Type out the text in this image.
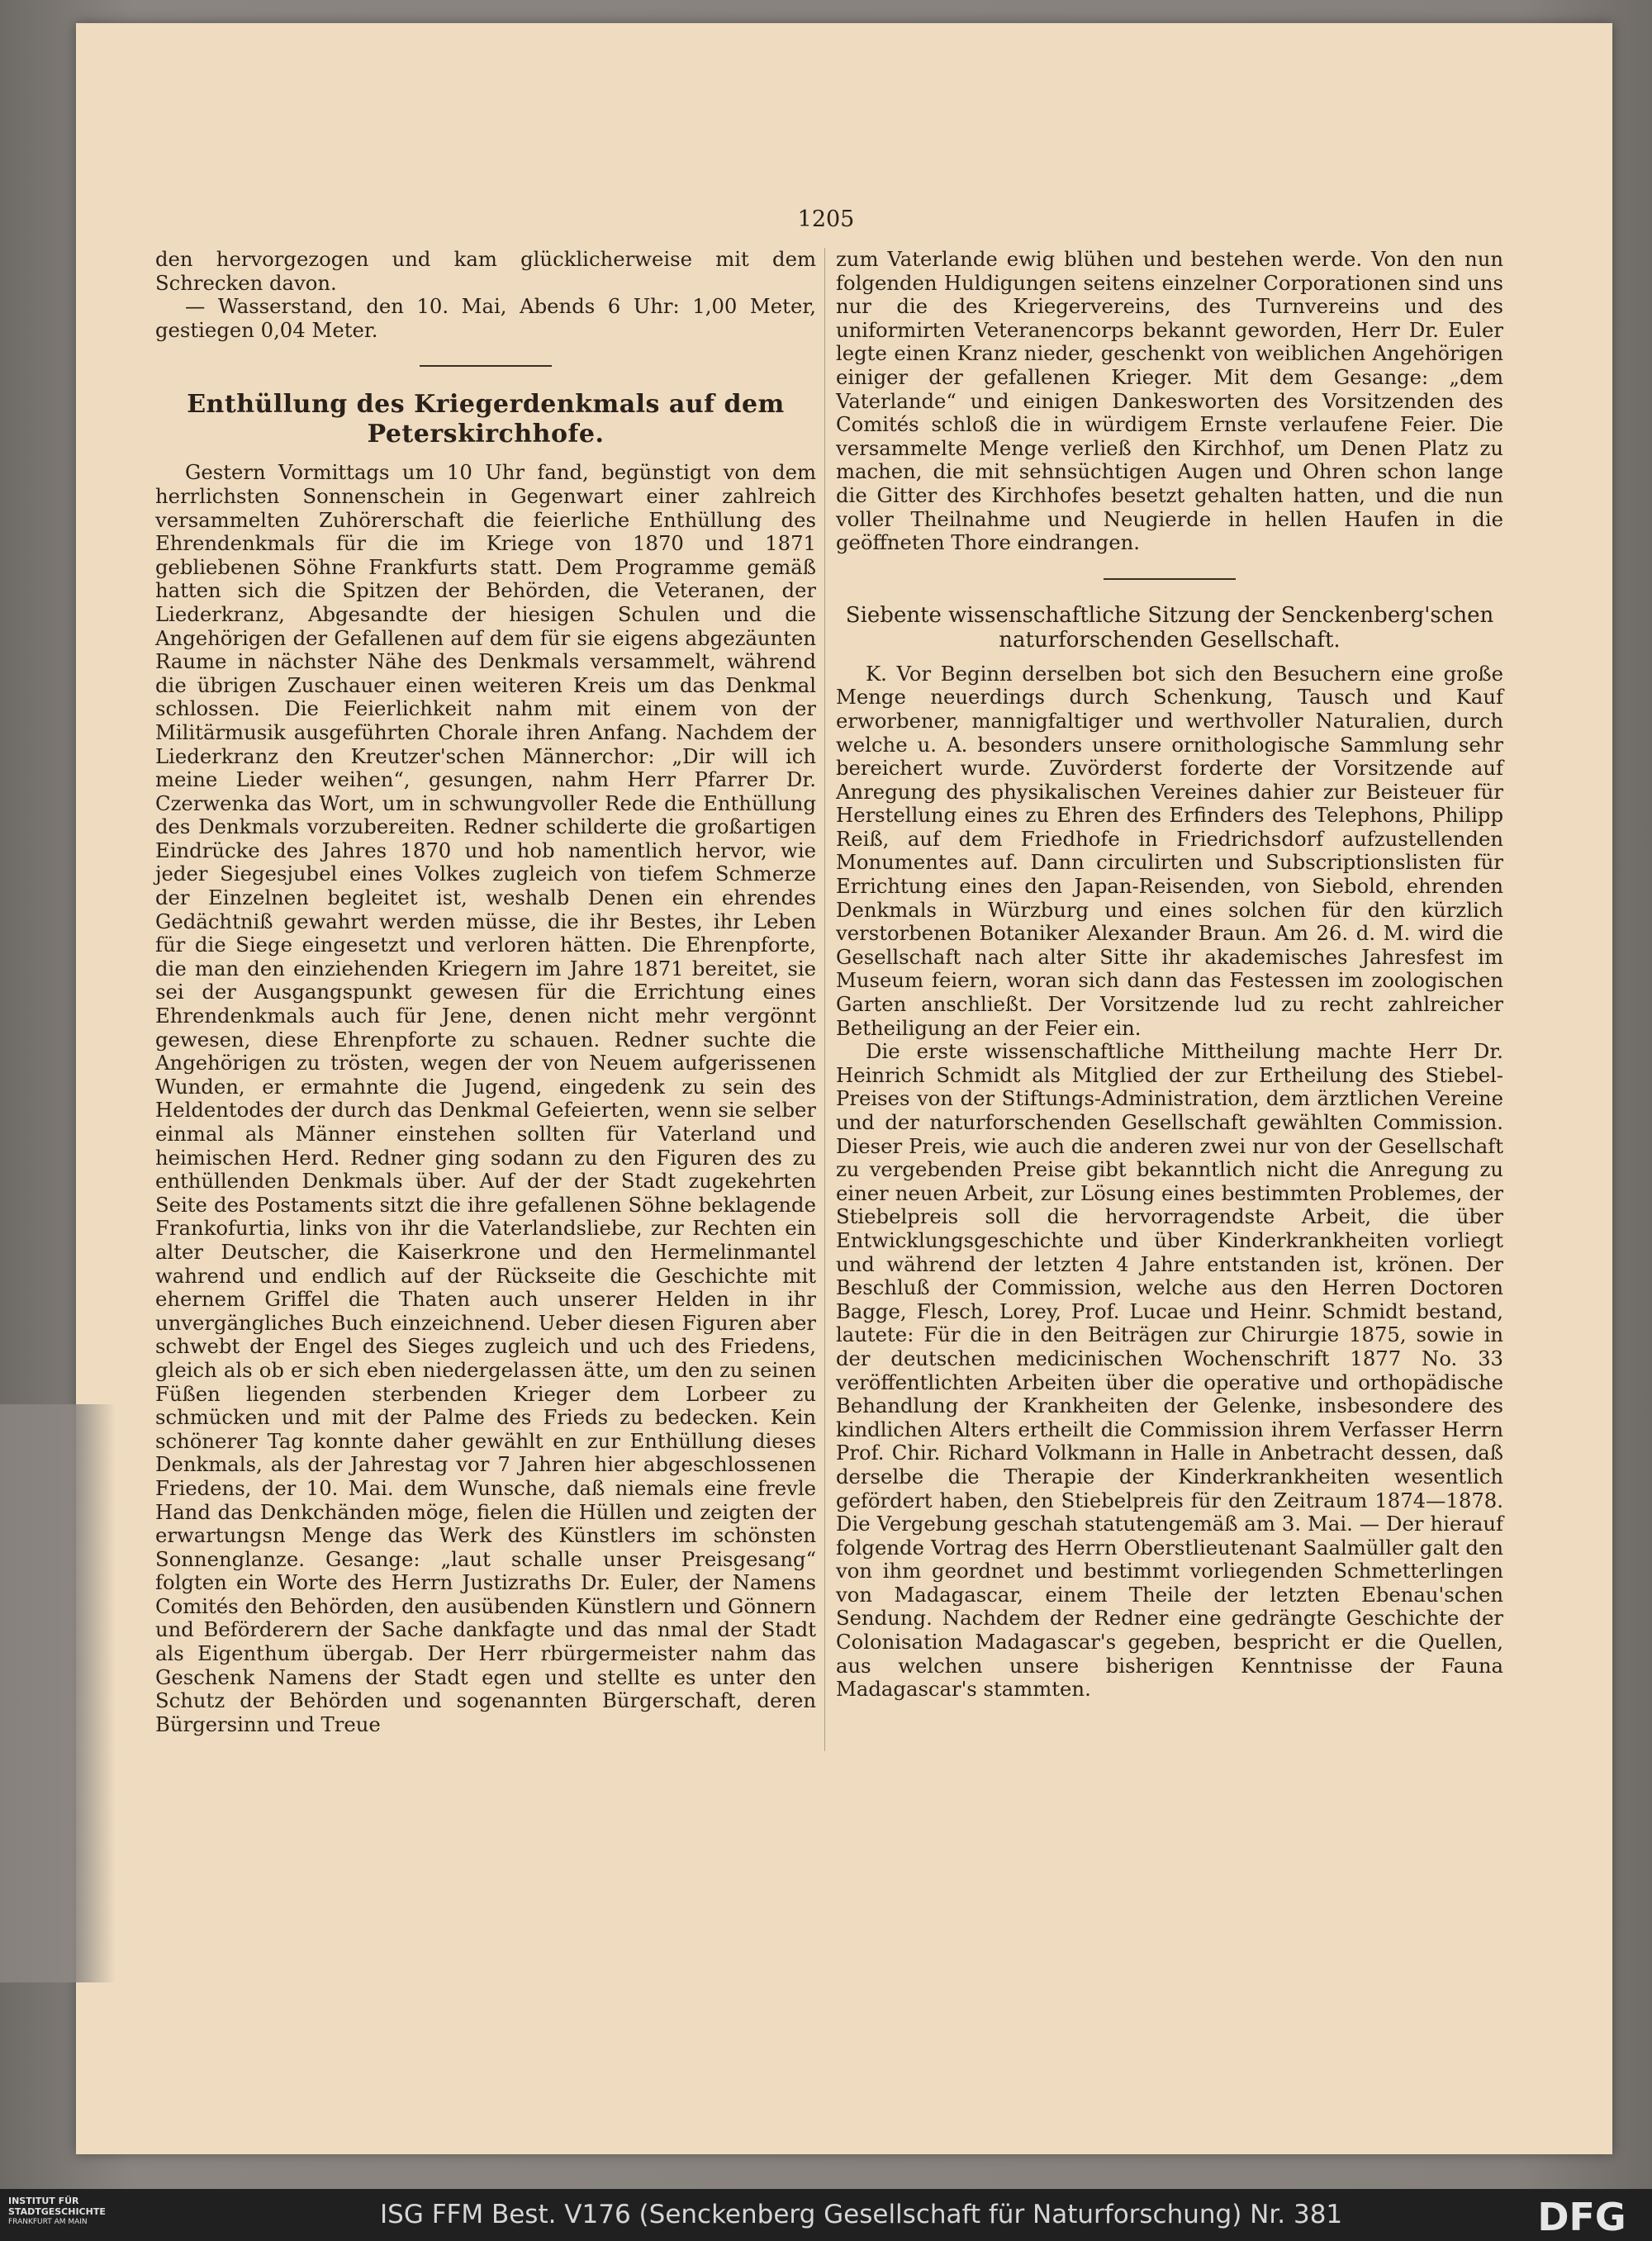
1205

den hervorgezogen und kam glücklicherweise mit dem Schrecken davon.

— Wasserstand, den 10. Mai, Abends 6 Uhr: 1,00 Meter, gestiegen 0,04 Meter.

Enthüllung des Kriegerdenkmals auf dem Peterskirchhofe.

Gestern Vormittags um 10 Uhr fand, begünstigt von dem herrlichsten Sonnenschein in Gegenwart einer zahlreich versammelten Zuhörerschaft die feierliche Enthüllung des Ehrendenkmals für die im Kriege von 1870 und 1871 gebliebenen Söhne Frankfurts statt. Dem Programme gemäß hatten sich die Spitzen der Behörden, die Veteranen, der Liederkranz, Abgesandte der hiesigen Schulen und die Angehörigen der Gefallenen auf dem für sie eigens abgezäunten Raume in nächster Nähe des Denkmals versammelt, während die übrigen Zuschauer einen weiteren Kreis um das Denkmal schlossen. Die Feierlichkeit nahm mit einem von der Militärmusik ausgeführten Chorale ihren Anfang. Nachdem der Liederkranz den Kreutzer'schen Männerchor: „Dir will ich meine Lieder weihen“, gesungen, nahm Herr Pfarrer Dr. Czerwenka das Wort, um in schwungvoller Rede die Enthüllung des Denkmals vorzubereiten. Redner schilderte die großartigen Eindrücke des Jahres 1870 und hob namentlich hervor, wie jeder Siegesjubel eines Volkes zugleich von tiefem Schmerze der Einzelnen begleitet ist, weshalb Denen ein ehrendes Gedächtniß gewahrt werden müsse, die ihr Bestes, ihr Leben für die Siege eingesetzt und verloren hätten. Die Ehrenpforte, die man den einziehenden Kriegern im Jahre 1871 bereitet, sie sei der Ausgangspunkt gewesen für die Errichtung eines Ehrendenkmals auch für Jene, denen nicht mehr vergönnt gewesen, diese Ehrenpforte zu schauen. Redner suchte die Angehörigen zu trösten, wegen der von Neuem aufgerissenen Wunden, er ermahnte die Jugend, eingedenk zu sein des Heldentodes der durch das Denkmal Gefeierten, wenn sie selber einmal als Männer einstehen sollten für Vaterland und heimischen Herd. Redner ging sodann zu den Figuren des zu enthüllenden Denkmals über. Auf der der Stadt zugekehrten Seite des Postaments sitzt die ihre gefallenen Söhne beklagende Frankofurtia, links von ihr die Vaterlandsliebe, zur Rechten ein alter Deutscher, die Kaiserkrone und den Hermelinmantel wahrend und endlich auf der Rückseite die Geschichte mit ehernem Griffel die Thaten auch unserer Helden in ihr unvergängliches Buch einzeichnend. Ueber diesen Figuren aber schwebt der Engel des Sieges zugleich und uch des Friedens, gleich als ob er sich eben niedergelassen ätte, um den zu seinen Füßen liegenden sterbenden Krieger dem Lorbeer zu schmücken und mit der Palme des Frieds zu bedecken. Kein schönerer Tag konnte daher gewählt en zur Enthüllung dieses Denkmals, als der Jahrestag vor 7 Jahren hier abgeschlossenen Friedens, der 10. Mai. dem Wunsche, daß niemals eine frevle Hand das Denkchänden möge, fielen die Hüllen und zeigten der erwartungsn Menge das Werk des Künstlers im schönsten Sonnenglanze. Gesange: „laut schalle unser Preisgesang“ folgten ein Worte des Herrn Justizraths Dr. Euler, der Namens Comités den Behörden, den ausübenden Künstlern und Gönnern und Beförderern der Sache dankfagte und das nmal der Stadt als Eigenthum übergab. Der Herr rbürgermeister nahm das Geschenk Namens der Stadt egen und stellte es unter den Schutz der Behörden und sogenannten Bürgerschaft, deren Bürgersinn und Treue

zum Vaterlande ewig blühen und bestehen werde. Von den nun folgenden Huldigungen seitens einzelner Corporationen sind uns nur die des Kriegervereins, des Turnvereins und des uniformirten Veteranencorps bekannt geworden, Herr Dr. Euler legte einen Kranz nieder, geschenkt von weiblichen Angehörigen einiger der gefallenen Krieger. Mit dem Gesange: „dem Vaterlande“ und einigen Dankesworten des Vorsitzenden des Comités schloß die in würdigem Ernste verlaufene Feier. Die versammelte Menge verließ den Kirchhof, um Denen Platz zu machen, die mit sehnsüchtigen Augen und Ohren schon lange die Gitter des Kirchhofes besetzt gehalten hatten, und die nun voller Theilnahme und Neugierde in hellen Haufen in die geöffneten Thore eindrangen.

Siebente wissenschaftliche Sitzung der Senckenberg'schen naturforschenden Gesellschaft.

K. Vor Beginn derselben bot sich den Besuchern eine große Menge neuerdings durch Schenkung, Tausch und Kauf erworbener, mannigfaltiger und werthvoller Naturalien, durch welche u. A. besonders unsere ornithologische Sammlung sehr bereichert wurde. Zuvörderst forderte der Vorsitzende auf Anregung des physikalischen Vereines dahier zur Beisteuer für Herstellung eines zu Ehren des Erfinders des Telephons, Philipp Reiß, auf dem Friedhofe in Friedrichsdorf aufzustellenden Monumentes auf. Dann circulirten und Subscriptionslisten für Errichtung eines den Japan-Reisenden, von Siebold, ehrenden Denkmals in Würzburg und eines solchen für den kürzlich verstorbenen Botaniker Alexander Braun. Am 26. d. M. wird die Gesellschaft nach alter Sitte ihr akademisches Jahresfest im Museum feiern, woran sich dann das Festessen im zoologischen Garten anschließt. Der Vorsitzende lud zu recht zahlreicher Betheiligung an der Feier ein.

Die erste wissenschaftliche Mittheilung machte Herr Dr. Heinrich Schmidt als Mitglied der zur Ertheilung des Stiebel-Preises von der Stiftungs-Administration, dem ärztlichen Vereine und der naturforschenden Gesellschaft gewählten Commission. Dieser Preis, wie auch die anderen zwei nur von der Gesellschaft zu vergebenden Preise gibt bekanntlich nicht die Anregung zu einer neuen Arbeit, zur Lösung eines bestimmten Problemes, der Stiebelpreis soll die hervorragendste Arbeit, die über Entwicklungsgeschichte und über Kinderkrankheiten vorliegt und während der letzten 4 Jahre entstanden ist, krönen. Der Beschluß der Commission, welche aus den Herren Doctoren Bagge, Flesch, Lorey, Prof. Lucae und Heinr. Schmidt bestand, lautete: Für die in den Beiträgen zur Chirurgie 1875, sowie in der deutschen medicinischen Wochenschrift 1877 No. 33 veröffentlichten Arbeiten über die operative und orthopädische Behandlung der Krankheiten der Gelenke, insbesondere des kindlichen Alters ertheilt die Commission ihrem Verfasser Herrn Prof. Chir. Richard Volkmann in Halle in Anbetracht dessen, daß derselbe die Therapie der Kinderkrankheiten wesentlich gefördert haben, den Stiebelpreis für den Zeitraum 1874—1878. Die Vergebung geschah statutengemäß am 3. Mai. — Der hierauf folgende Vortrag des Herrn Oberstlieutenant Saalmüller galt den von ihm geordnet und bestimmt vorliegenden Schmetterlingen von Madagascar, einem Theile der letzten Ebenau'schen Sendung. Nachdem der Redner eine gedrängte Geschichte der Colonisation Madagascar's gegeben, bespricht er die Quellen, aus welchen unsere bisherigen Kenntnisse der Fauna Madagascar's stammten.

INSTITUT FÜR
STADTGESCHICHTE
FRANKFURT AM MAIN	ISG FFM Best. V176 (Senckenberg Gesellschaft für Naturforschung) Nr. 381	DFG
